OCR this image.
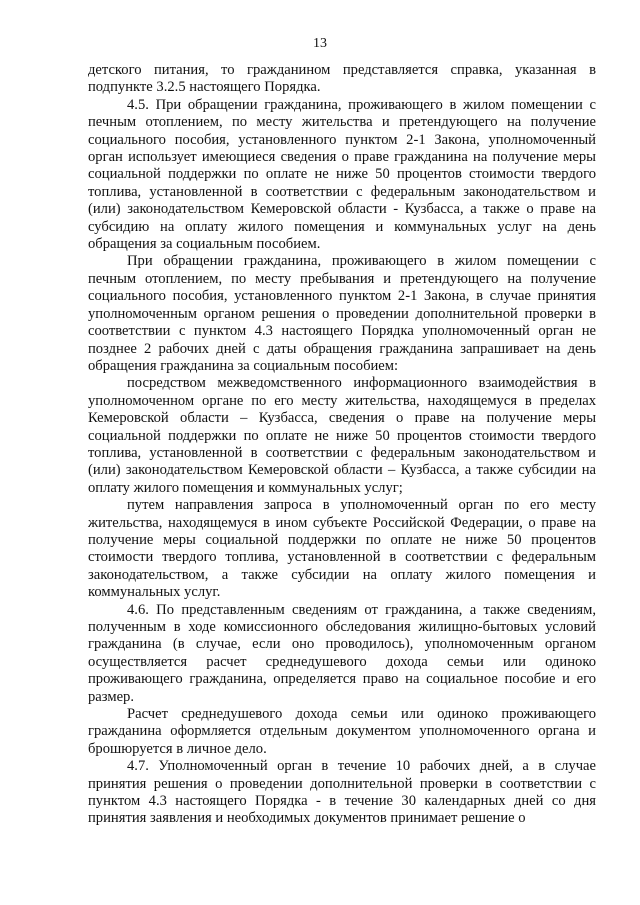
13

детского питания, то гражданином представляется справка, указанная в подпункте 3.2.5 настоящего Порядка.

4.5. При обращении гражданина, проживающего в жилом помещении с печным отоплением, по месту жительства и претендующего на получение социального пособия, установленного пунктом 2-1 Закона, уполномоченный орган использует имеющиеся сведения о праве гражданина на получение меры социальной поддержки по оплате не ниже 50 процентов стоимости твердого топлива, установленной в соответствии с федеральным законодательством и (или) законодательством Кемеровской области - Кузбасса, а также о праве на субсидию на оплату жилого помещения и коммунальных услуг на день обращения за социальным пособием.

При обращении гражданина, проживающего в жилом помещении с печным отоплением, по месту пребывания и претендующего на получение социального пособия, установленного пунктом 2-1 Закона, в случае принятия уполномоченным органом решения о проведении дополнительной проверки в соответствии с пунктом 4.3 настоящего Порядка уполномоченный орган не позднее 2 рабочих дней с даты обращения гражданина запрашивает на день обращения гражданина за социальным пособием:

посредством межведомственного информационного взаимодействия в уполномоченном органе по его месту жительства, находящемуся в пределах Кемеровской области – Кузбасса, сведения о праве на получение меры социальной поддержки по оплате не ниже 50 процентов стоимости твердого топлива, установленной в соответствии с федеральным законодательством и (или) законодательством Кемеровской области – Кузбасса, а также субсидии на оплату жилого помещения и коммунальных услуг;

путем направления запроса в уполномоченный орган по его месту жительства, находящемуся в ином субъекте Российской Федерации, о праве на получение меры социальной поддержки по оплате не ниже 50 процентов стоимости твердого топлива, установленной в соответствии с федеральным законодательством, а также субсидии на оплату жилого помещения и коммунальных услуг.

4.6. По представленным сведениям от гражданина, а также сведениям, полученным в ходе комиссионного обследования жилищно-бытовых условий гражданина (в случае, если оно проводилось), уполномоченным органом осуществляется расчет среднедушевого дохода семьи или одиноко проживающего гражданина, определяется право на социальное пособие и его размер.

Расчет среднедушевого дохода семьи или одиноко проживающего гражданина оформляется отдельным документом уполномоченного органа и брошюруется в личное дело.

4.7. Уполномоченный орган в течение 10 рабочих дней, а в случае принятия решения о проведении дополнительной проверки в соответствии с пунктом 4.3 настоящего Порядка - в течение 30 календарных дней со дня принятия заявления и необходимых документов принимает решение о
